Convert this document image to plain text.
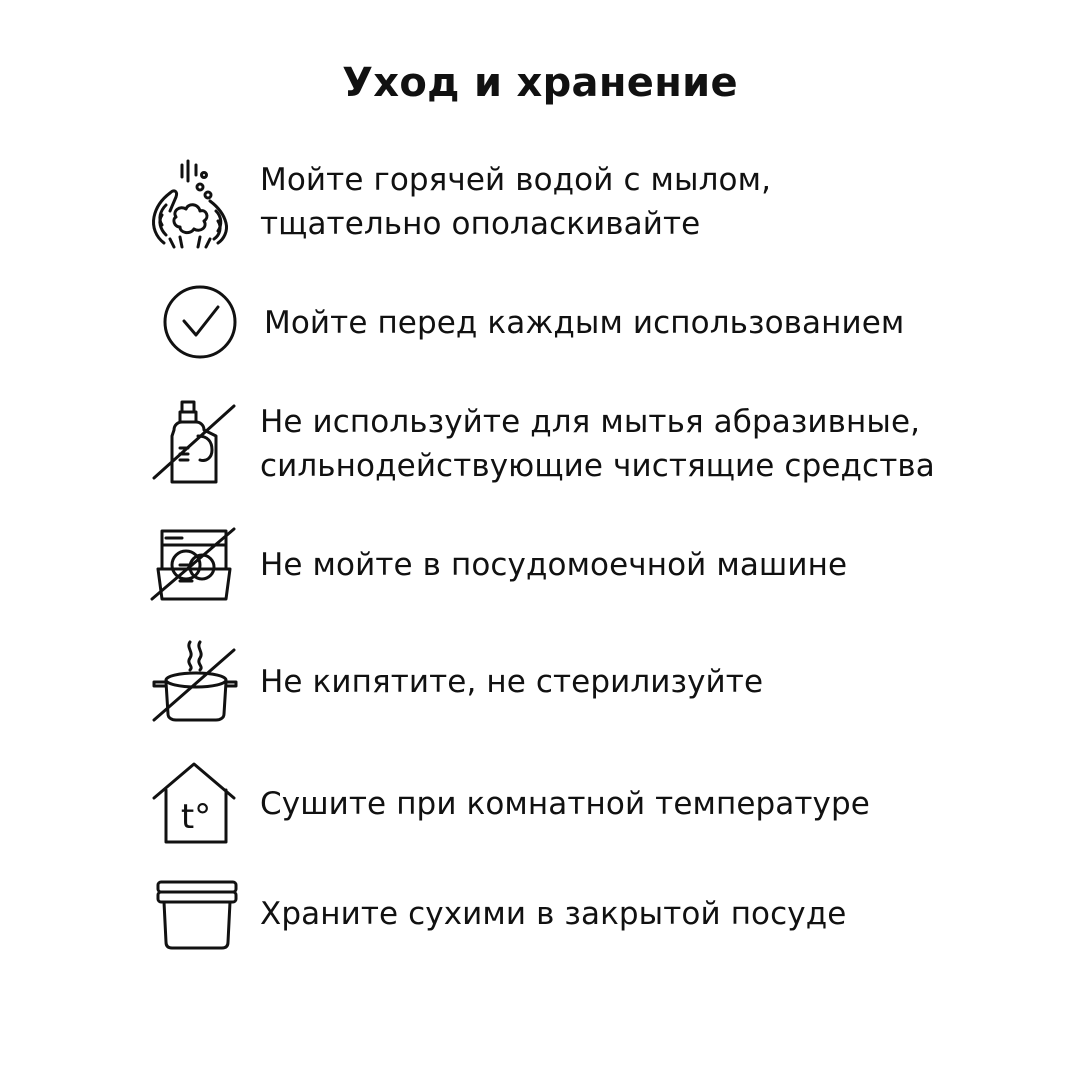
Уход и хранение
Мойте горячей водой с мылом,
тщательно ополаскивайте
Мойте перед каждым использованием
Не используйте для мытья абразивные,
сильнодействующие чистящие средства
Не мойте в посудомоечной машине
Не кипятите, не стерилизуйте
t° Сушите при комнатной температуре
Храните сухими в закрытой посуде
